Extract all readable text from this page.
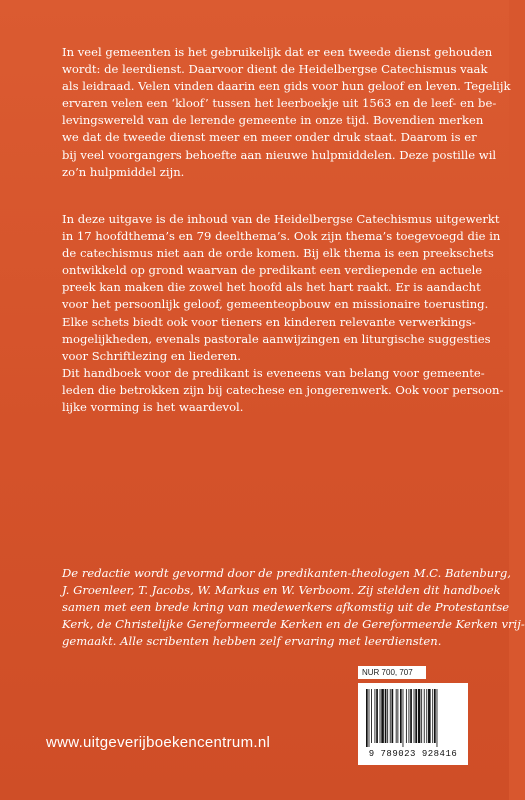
In veel gemeenten is het gebruikelijk dat er een tweede dienst gehouden
wordt: de leerdienst. Daarvoor dient de Heidelbergse Catechismus vaak
als leidraad. Velen vinden daarin een gids voor hun geloof en leven. Tegelijk
ervaren velen een ‘kloof’ tussen het leerboekje uit 1563 en de leef- en be-
levingswereld van de lerende gemeente in onze tijd. Bovendien merken
we dat de tweede dienst meer en meer onder druk staat. Daarom is er
bij veel voorgangers behoefte aan nieuwe hulpmiddelen. Deze postille wil
zo’n hulpmiddel zijn.
In deze uitgave is de inhoud van de Heidelbergse Catechismus uitgewerkt
in 17 hoofdthema’s en 79 deelthema’s. Ook zijn thema’s toegevoegd die in
de catechismus niet aan de orde komen. Bij elk thema is een preekschets
ontwikkeld op grond waarvan de predikant een verdiepende en actuele
preek kan maken die zowel het hoofd als het hart raakt. Er is aandacht
voor het persoonlijk geloof, gemeenteopbouw en missionaire toerusting.
Elke schets biedt ook voor tieners en kinderen relevante verwerkings-
mogelijkheden, evenals pastorale aanwijzingen en liturgische suggesties
voor Schriftlezing en liederen.
Dit handboek voor de predikant is eveneens van belang voor gemeente-
leden die betrokken zijn bij catechese en jongerenwerk. Ook voor persoon-
lijke vorming is het waardevol.
De redactie wordt gevormd door de predikanten-theologen M.C. Batenburg,
J. Groenleer, T. Jacobs, W. Markus en W. Verboom. Zij stelden dit handboek
samen met een brede kring van medewerkers afkomstig uit de Protestantse
Kerk, de Christelijke Gereformeerde Kerken en de Gereformeerde Kerken vrij-
gemaakt. Alle scribenten hebben zelf ervaring met leerdiensten.
NUR 700, 707
9 789023 928416
www.uitgeverijboekencentrum.nl
